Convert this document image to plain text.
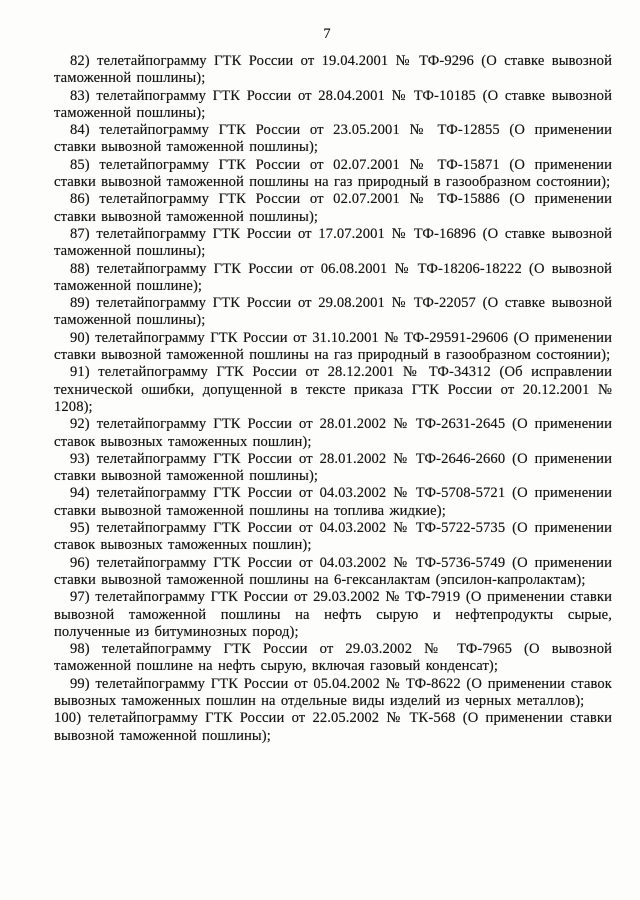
7

82) телетайпограмму ГТК России от 19.04.2001 № ТФ-9296 (О ставке вывозной таможенной пошлины);

83) телетайпограмму ГТК России от 28.04.2001 № ТФ-10185 (О ставке вывозной таможенной пошлины);

84) телетайпограмму ГТК России от 23.05.2001 № ТФ-12855 (О применении ставки вывозной таможенной пошлины);

85) телетайпограмму ГТК России от 02.07.2001 № ТФ-15871 (О применении ставки вывозной таможенной пошлины на газ природный в газообразном состоянии);

86) телетайпограмму ГТК России от 02.07.2001 № ТФ-15886 (О применении ставки вывозной таможенной пошлины);

87) телетайпограмму ГТК России от 17.07.2001 № ТФ-16896 (О ставке вывозной таможенной пошлины);

88) телетайпограмму ГТК России от 06.08.2001 № ТФ-18206-18222 (О вывозной таможенной пошлине);

89) телетайпограмму ГТК России от 29.08.2001 № ТФ-22057 (О ставке вывозной таможенной пошлины);

90) телетайпограмму ГТК России от 31.10.2001 № ТФ-29591-29606 (О применении ставки вывозной таможенной пошлины на газ природный в газообразном состоянии);

91) телетайпограмму ГТК России от 28.12.2001 № ТФ-34312 (Об исправлении технической ошибки, допущенной в тексте приказа ГТК России от 20.12.2001 № 1208);

92) телетайпограмму ГТК России от 28.01.2002 № ТФ-2631-2645 (О применении ставок вывозных таможенных пошлин);

93) телетайпограмму ГТК России от 28.01.2002 № ТФ-2646-2660 (О применении ставки вывозной таможенной пошлины);

94) телетайпограмму ГТК России от 04.03.2002 № ТФ-5708-5721 (О применении ставки вывозной таможенной пошлины на топлива жидкие);

95) телетайпограмму ГТК России от 04.03.2002 № ТФ-5722-5735 (О применении ставок вывозных таможенных пошлин);

96) телетайпограмму ГТК России от 04.03.2002 № ТФ-5736-5749 (О применении ставки вывозной таможенной пошлины на 6-гексанлактам (эпсилон-капролактам);

97) телетайпограмму ГТК России от 29.03.2002 № ТФ-7919 (О применении ставки вывозной таможенной пошлины на нефть сырую и нефтепродукты сырые, полученные из битуминозных пород);

98) телетайпограмму ГТК России от 29.03.2002 № ТФ-7965 (О вывозной таможенной пошлине на нефть сырую, включая газовый конденсат);

99) телетайпограмму ГТК России от 05.04.2002 № ТФ-8622 (О применении ставок вывозных таможенных пошлин на отдельные виды изделий из черных металлов);

100) телетайпограмму ГТК России от 22.05.2002 № ТК-568 (О применении ставки вывозной таможенной пошлины);
